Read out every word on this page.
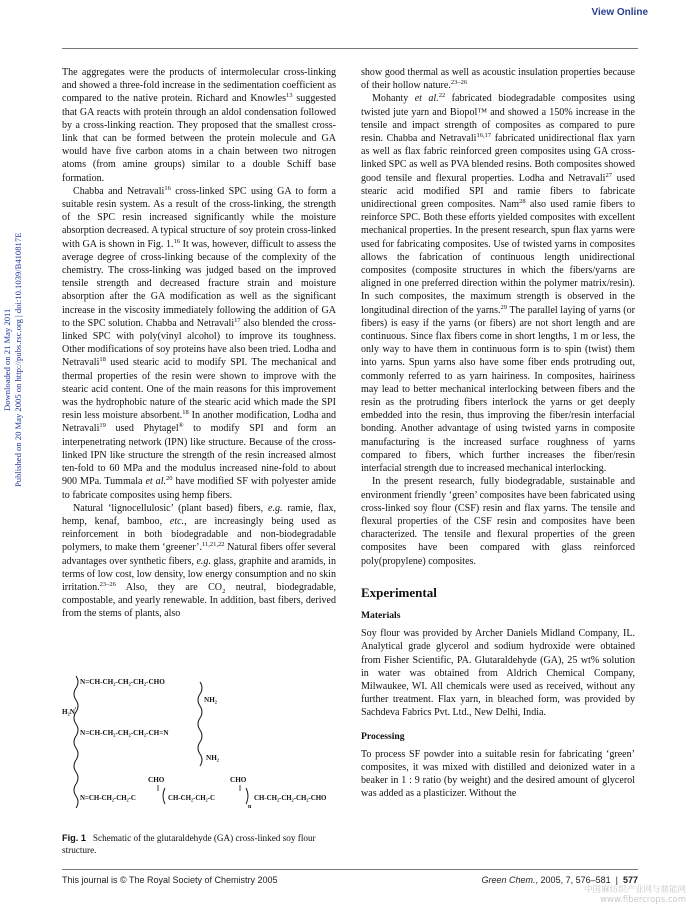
View Online
Downloaded on 21 May 2011
Published on 20 May 2005 on http://pubs.rsc.org | doi:10.1039/B410817E

The aggregates were the products of intermolecular cross-linking and showed a three-fold increase in the sedimentation coefficient as compared to the native protein. Richard and Knowles$^{13}$ suggested that GA reacts with protein through an aldol condensation followed by a cross-linking reaction. They proposed that the smallest cross-link that can be formed between the protein molecule and GA would have five carbon atoms in a chain between two nitrogen atoms (from amine groups) similar to a double Schiff base formation.

Chabba and Netravali$^{16}$ cross-linked SPC using GA to form a suitable resin system. As a result of the cross-linking, the strength of the SPC resin increased significantly while the moisture absorption decreased. A typical structure of soy protein cross-linked with GA is shown in Fig. 1.16 It was, however, difficult to assess the average degree of cross-linking because of the complexity of the chemistry. The cross-linking was judged based on the improved tensile strength and decreased fracture strain and moisture absorption after the GA modification as well as the significant increase in the viscosity immediately following the addition of GA to the SPC solution. Chabba and Netravali$^{17}$ also blended the cross-linked SPC with poly(vinyl alcohol) to improve its toughness. Other modifications of soy proteins have also been tried. Lodha and Netravali$^{18}$ used stearic acid to modify SPI. The mechanical and thermal properties of the resin were shown to improve with the stearic acid content. One of the main reasons for this improvement was the hydrophobic nature of the stearic acid which made the SPI resin less moisture absorbent.$^{18}$ In another modification, Lodha and Netravali$^{19}$ used Phytagel® to modify SPI and form an interpenetrating network (IPN) like structure. Because of the cross-linked IPN like structure the strength of the resin increased almost ten-fold to 60 MPa and the modulus increased nine-fold to about 900 MPa. Tummala et al.$^{20}$ have modified SF with polyester amide to fabricate composites using hemp fibers.

Natural ‘lignocellulosic’ (plant based) fibers, e.g. ramie, flax, hemp, kenaf, bamboo, etc., are increasingly being used as reinforcement in both biodegradable and non-biodegradable polymers, to make them ‘greener’.$^{11,21,22}$ Natural fibers offer several advantages over synthetic fibers, e.g. glass, graphite and aramids, in terms of low cost, low density, low energy consumption and no skin irritation.$^{23-26}$ Also, they are $CO_2$ neutral, biodegradable, compostable, and yearly renewable. In addition, bast fibers, derived from the stems of plants, also

N=CH-CH₂-CH₂-CH₂-CHO
H₂N
N=CH-CH₂-CH₂-CH₂-CH=N
NH₂
NH₂
CHO	CHO
N=CH-CH₂-CH₂-C	CH-CH₂-CH₂-C
n
CH-CH₂-CH₂-CH₂-CHO
Fig. 1 Schematic of the glutaraldehyde (GA) cross-linked soy flour structure.

show good thermal as well as acoustic insulation properties because of their hollow nature.$^{23-26}$

Mohanty et al.$^{22}$ fabricated biodegradable composites using twisted jute yarn and Biopol™ and showed a 150% increase in the tensile and impact strength of composites as compared to pure resin. Chabba and Netravali$^{16,17}$ fabricated unidirectional flax yarn as well as flax fabric reinforced green composites using GA cross-linked SPC as well as PVA blended resins. Both composites showed good tensile and flexural properties. Lodha and Netravali$^{27}$ used stearic acid modified SPI and ramie fibers to fabricate unidirectional green composites. Nam$^{28}$ also used ramie fibers to reinforce SPC. Both these efforts yielded composites with excellent mechanical properties. In the present research, spun flax yarns were used for fabricating composites. Use of twisted yarns in composites allows the fabrication of continuous length unidirectional composites (composite structures in which the fibers/yarns are aligned in one preferred direction within the polymer matrix/resin). In such composites, the maximum strength is observed in the longitudinal direction of the yarns.$^{29}$ The parallel laying of yarns (or fibers) is easy if the yarns (or fibers) are not short length and are continuous. Since flax fibers come in short lengths, 1 m or less, the only way to have them in continuous form is to spin (twist) them into yarns. Spun yarns also have some fiber ends protruding out, commonly referred to as yarn hairiness. In composites, hairiness may lead to better mechanical interlocking between fibers and the resin as the protruding fibers interlock the yarns or get deeply embedded into the resin, thus improving the fiber/resin interfacial bonding. Another advantage of using twisted yarns in composite manufacturing is the increased surface roughness of yarns compared to fibers, which further increases the fiber/resin interfacial strength due to increased mechanical interlocking.

In the present research, fully biodegradable, sustainable and environment friendly ‘green’ composites have been fabricated using cross-linked soy flour (CSF) resin and flax yarns. The tensile and flexural properties of the CSF resin and composites have been characterized. The tensile and flexural properties of the green composites have been compared with glass reinforced poly(propylene) composites.

Experimental
Materials

Soy flour was provided by Archer Daniels Midland Company, IL. Analytical grade glycerol and sodium hydroxide were obtained from Fisher Scientific, PA. Glutaraldehyde (GA), 25 wt% solution in water was obtained from Aldrich Chemical Company, Milwaukee, WI. All chemicals were used as received, without any further treatment. Flax yarn, in bleached form, was provided by Sachdeva Fabrics Pvt. Ltd., New Delhi, India.

Processing

To process SF powder into a suitable resin for fabricating ‘green’ composites, it was mixed with distilled and deionized water in a beaker in 1 : 9 ratio (by weight) and the desired amount of glycerol was added as a plasticizer. Without the

This journal is © The Royal Society of Chemistry 2005	Green Chem., 2005, 7, 576–581  |  577
中国麻纺织产业网与鼎能网
www.fibercrops.com
